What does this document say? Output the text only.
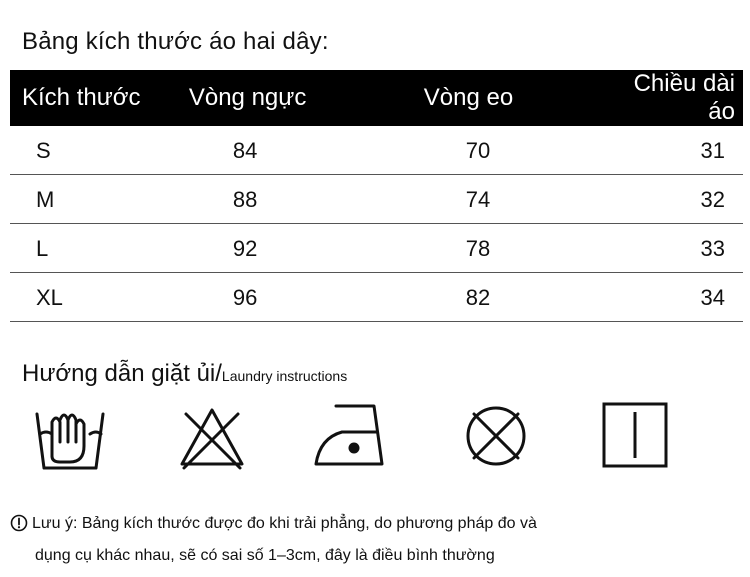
Bảng kích thước áo hai dây:
Kích thước	Vòng ngực	Vòng eo	Chiều dài áo
S	84	70	31
M	88	74	32
L	92	78	33
XL	96	82	34
Hướng dẫn giặt ủi/Laundry instructions
Lưu ý: Bảng kích thước được đo khi trải phẳng, do phương pháp đo và
dụng cụ khác nhau, sẽ có sai số 1–3cm, đây là điều bình thường
